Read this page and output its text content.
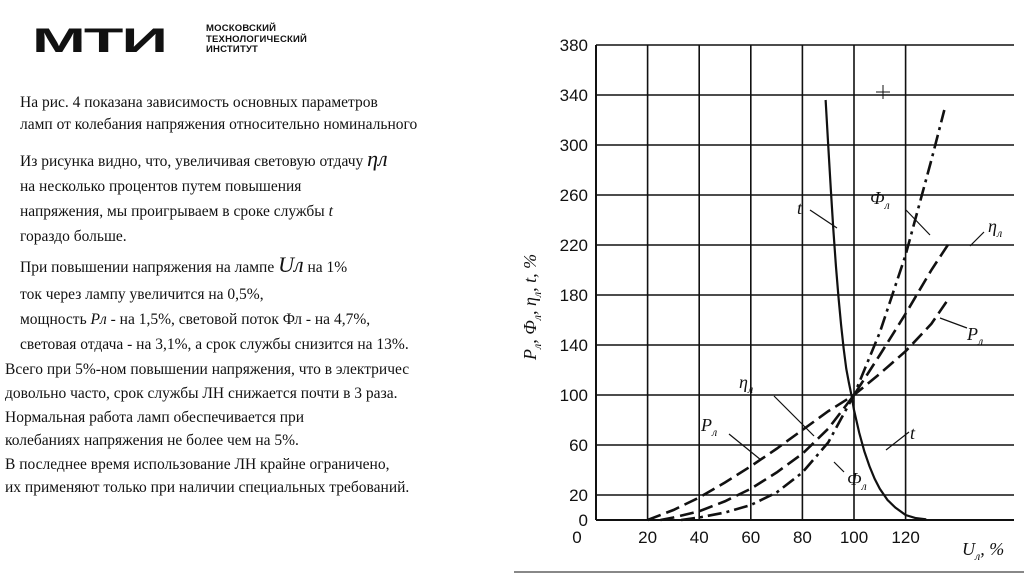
МТИ	МОСКОВСКИЙ
ТЕХНОЛОГИЧЕСКИЙ
ИНСТИТУТ
На рис. 4 показана зависимость основных параметров
ламп от колебания напряжения относительно номинального
Из рисунка видно, что, увеличивая световую отдачу ηл
на несколько процентов путем повышения
напряжения, мы проигрываем в сроке службы t
гораздо больше.
При повышении напряжения на лампе Uл на 1%
ток через лампу увеличится на 0,5%,
мощность Pл - на 1,5%, световой поток Фл - на 4,7%,
световая отдача - на 3,1%, а срок службы снизится на 13%.
Всего при 5%-ном повышении напряжения, что в электричес
довольно часто, срок службы ЛН снижается почти в 3 раза.
Нормальная работа ламп обеспечивается при
колебаниях напряжения не более чем на 5%.
В последнее время использование ЛН крайне ограничено,
их применяют только при наличии специальных требований.
0
20
60
100
140
180
220
260
300
340
380
0	20 40 60 80 100 120
t
t
$Ф_л$
$Ф_л$
$\eta_л$
$\eta_л$
$P_л$
$P_л$
$U_л$, %
$P_л$, $Ф_л$, $\eta_л$, t, %
